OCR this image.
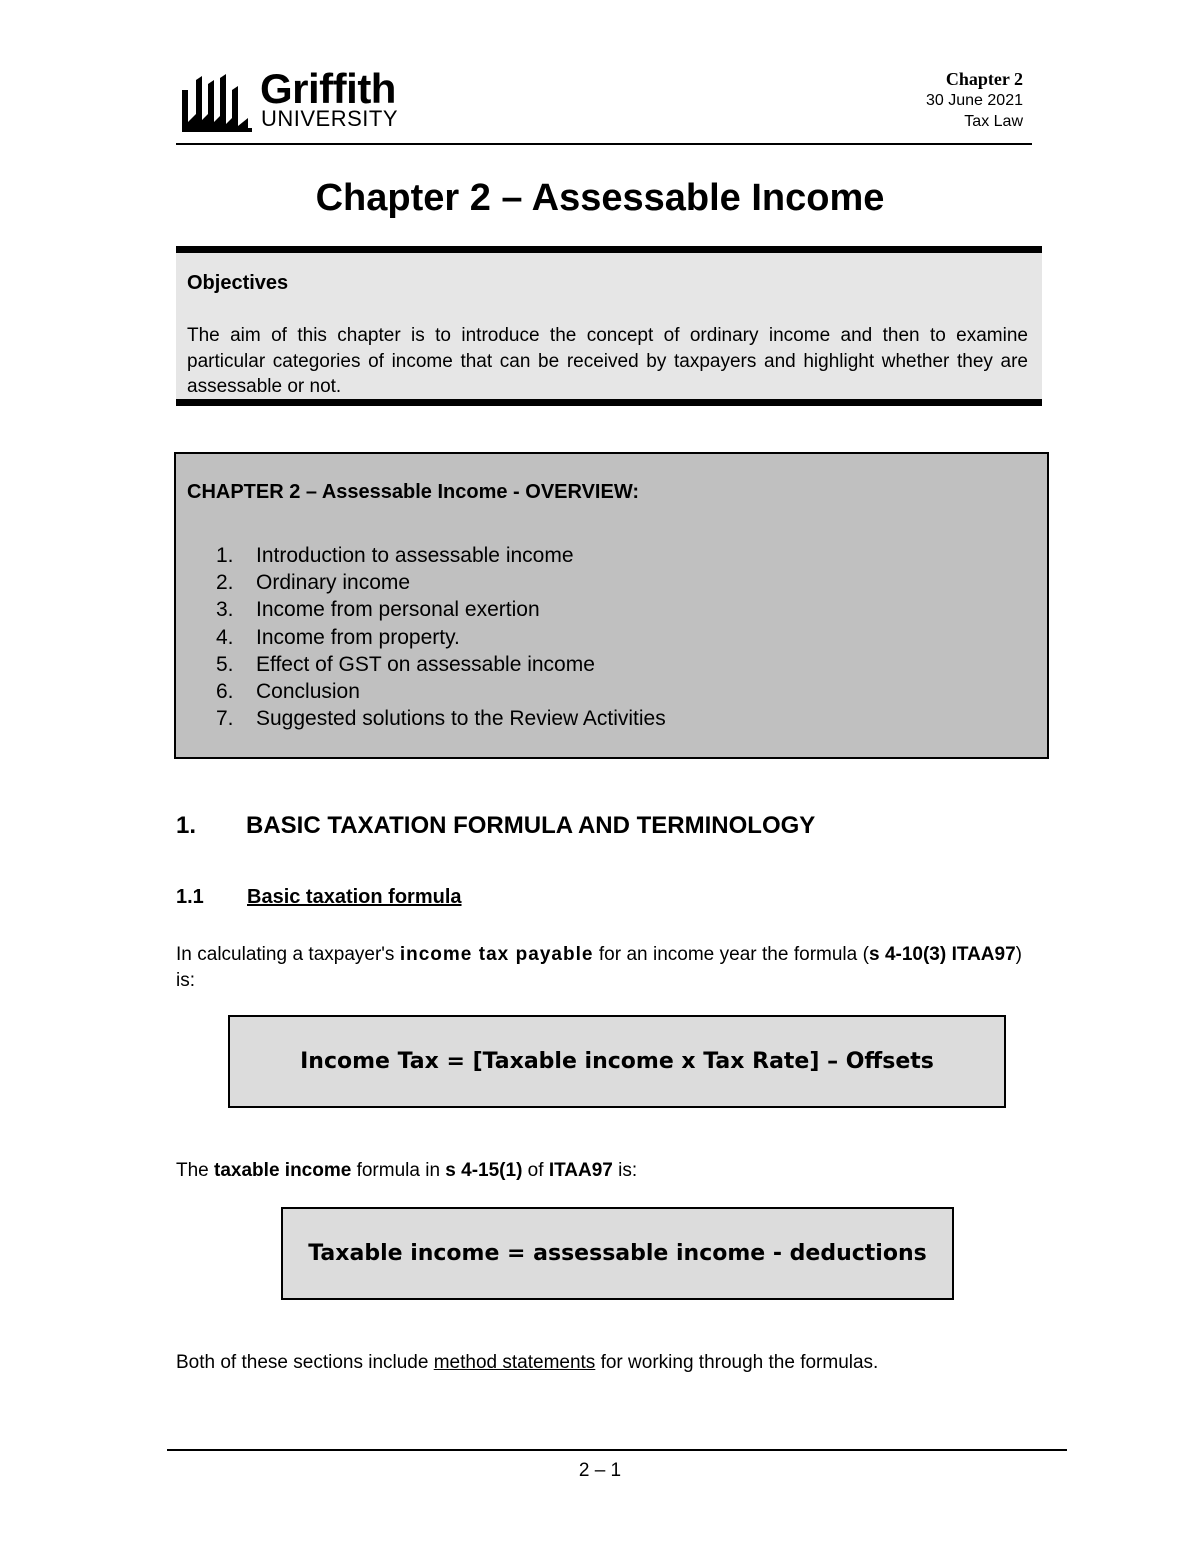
Griffith
UNIVERSITY
Chapter 2
30 June 2021
Tax Law
Chapter 2 – Assessable Income
Objectives
The aim of this chapter is to introduce the concept of ordinary income and then to examine particular categories of income that can be received by taxpayers and highlight whether they are assessable or not.
CHAPTER 2 – Assessable Income - OVERVIEW:
1. Introduction to assessable income
2. Ordinary income
3. Income from personal exertion
4. Income from property.
5. Effect of GST on assessable income
6. Conclusion
7. Suggested solutions to the Review Activities
1. BASIC TAXATION FORMULA AND TERMINOLOGY
1.1 Basic taxation formula
In calculating a taxpayer's income tax payable for an income year the formula (s 4-10(3) ITAA97) is:
Income Tax = [Taxable income x Tax Rate] – Offsets
The taxable income formula in s 4-15(1) of ITAA97 is:
Taxable income = assessable income - deductions
Both of these sections include method statements for working through the formulas.
2 – 1
